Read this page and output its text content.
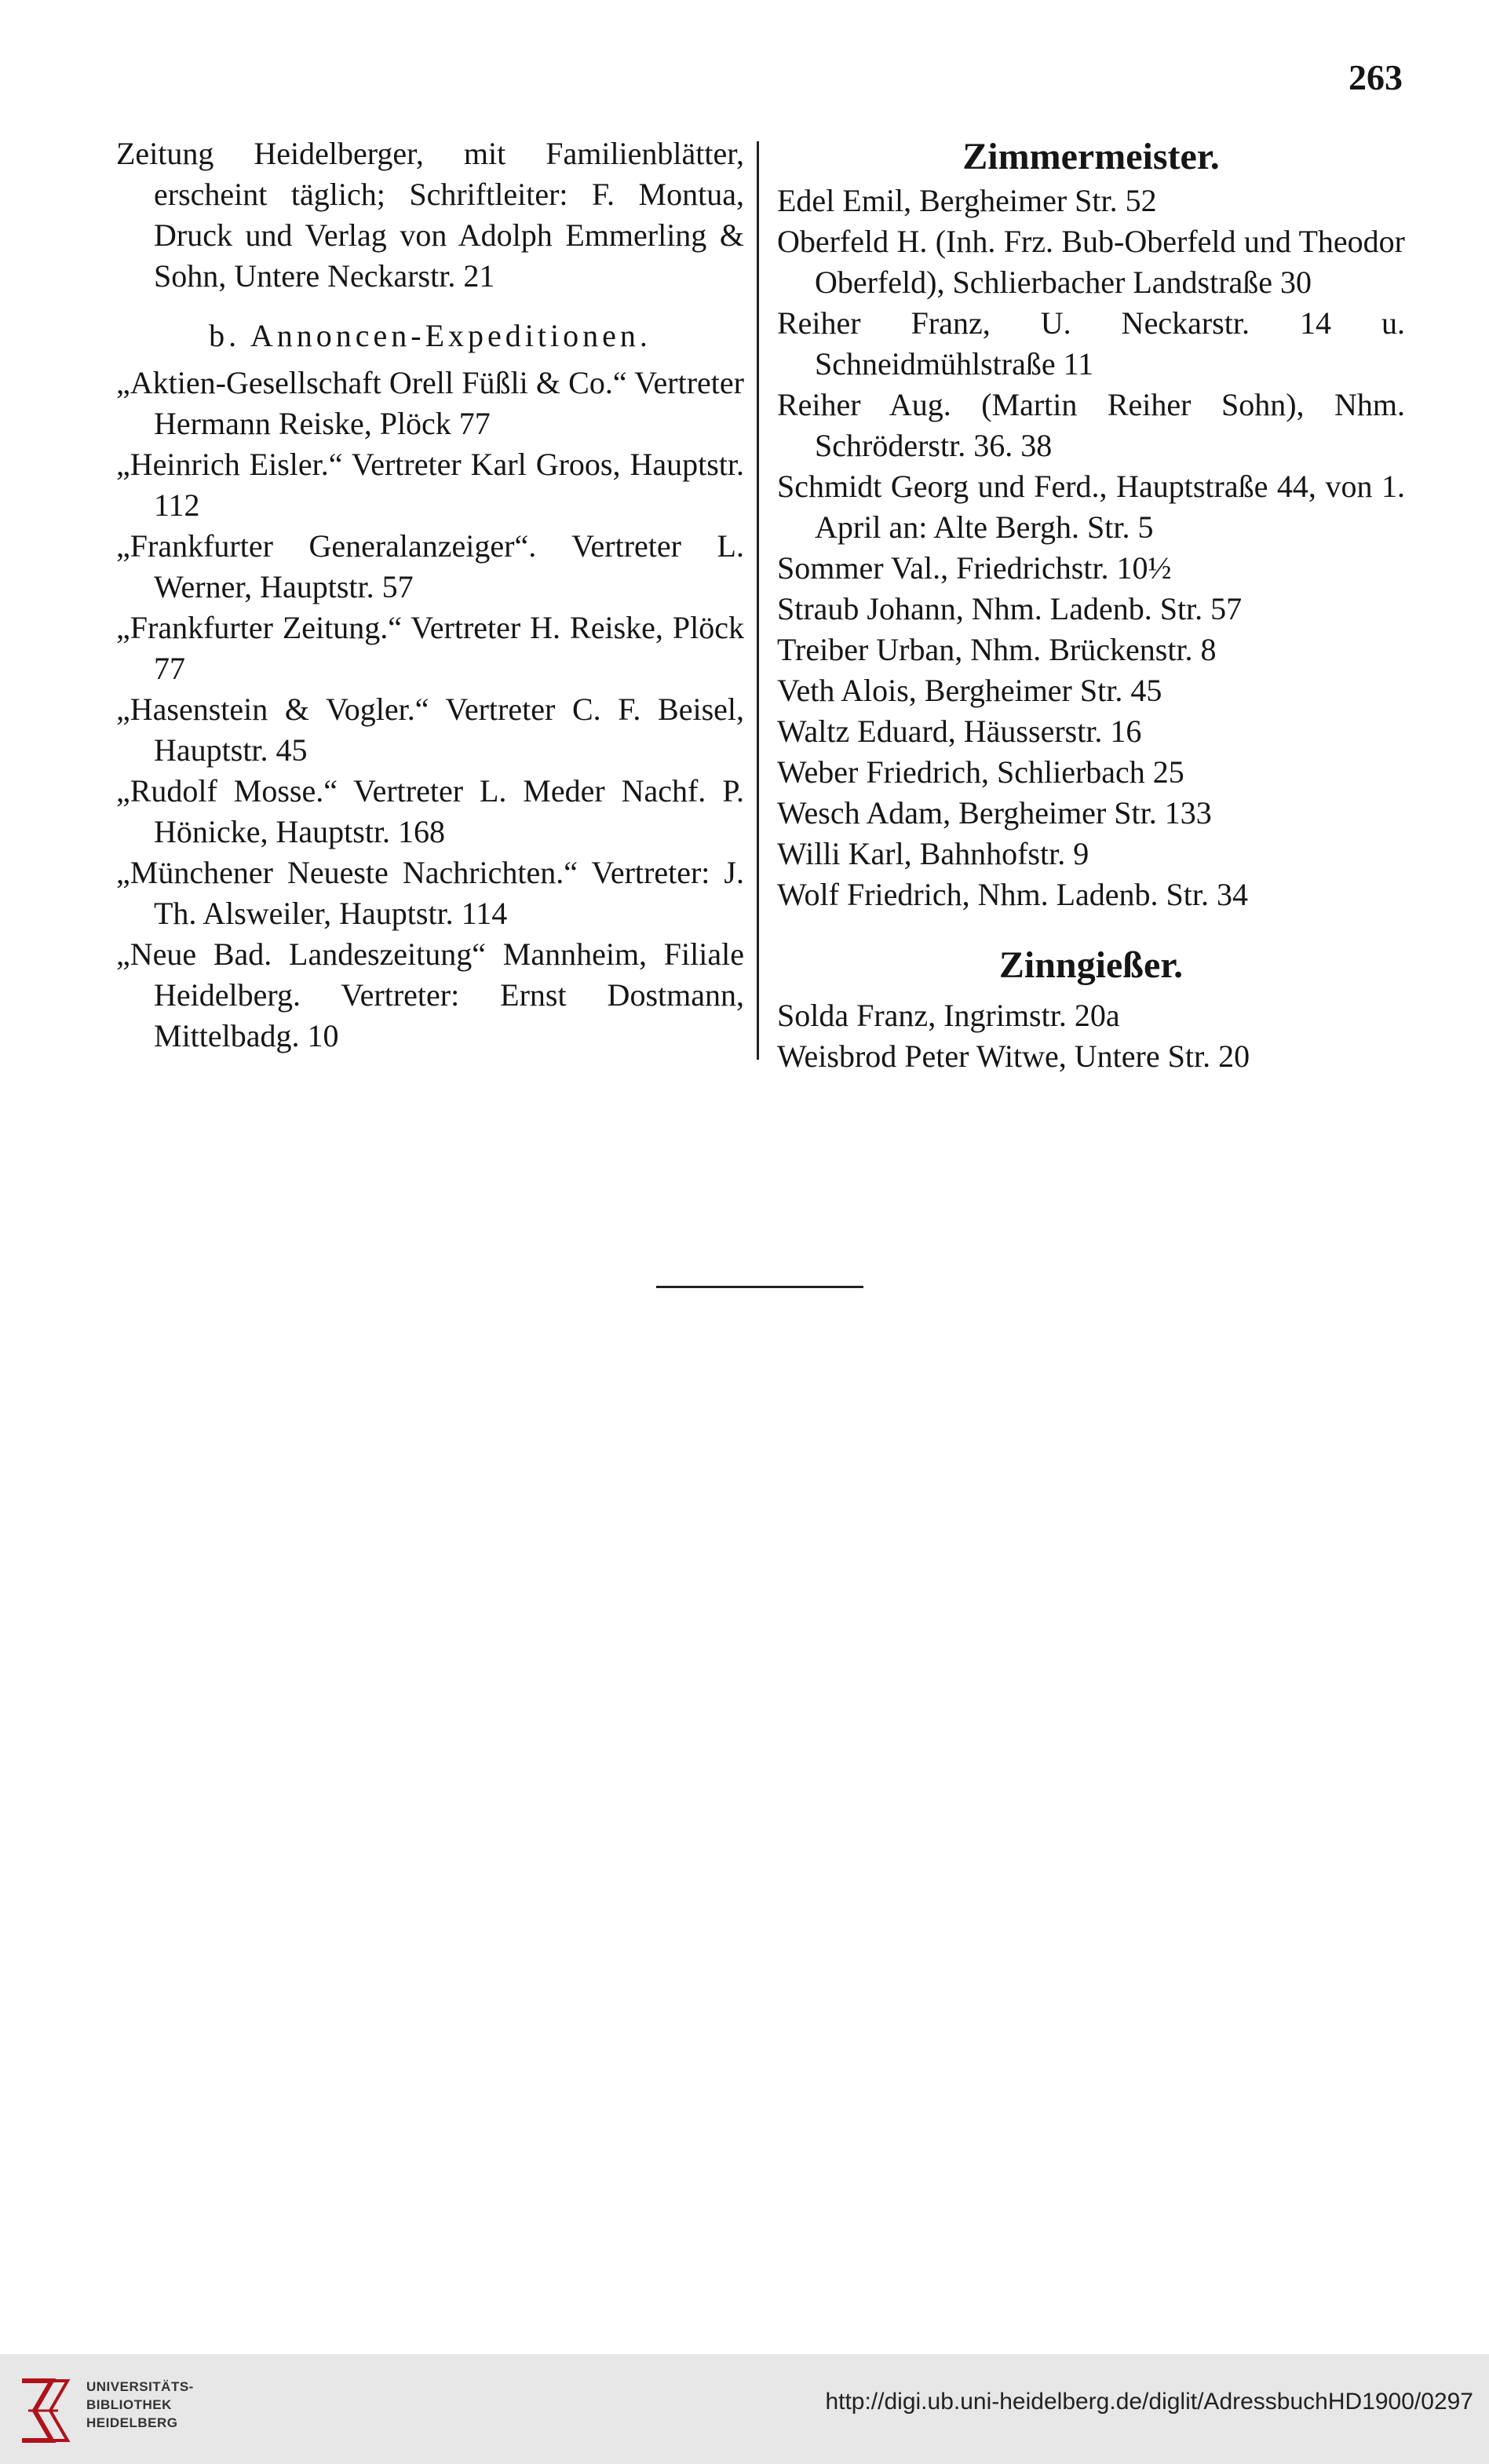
263
Zeitung Heidelberger, mit Familienblätter, erscheint täglich; Schriftleiter: F. Montua, Druck und Verlag von Adolph Emmerling & Sohn, Untere Neckarstr. 21
b. Annoncen-Expeditionen.
„Aktien-Gesellschaft Orell Füßli & Co.“ Vertreter Hermann Reiske, Plöck 77
„Heinrich Eisler.“ Vertreter Karl Groos, Hauptstr. 112
„Frankfurter Generalanzeiger“. Vertreter L. Werner, Hauptstr. 57
„Frankfurter Zeitung.“ Vertreter H. Reiske, Plöck 77
„Hasenstein & Vogler.“ Vertreter C. F. Beisel, Hauptstr. 45
„Rudolf Mosse.“ Vertreter L. Meder Nachf. P. Hönicke, Hauptstr. 168
„Münchener Neueste Nachrichten.“ Vertreter: J. Th. Alsweiler, Hauptstr. 114
„Neue Bad. Landeszeitung“ Mannheim, Filiale Heidelberg. Vertreter: Ernst Dostmann, Mittelbadg. 10
Zimmermeister.
Edel Emil, Bergheimer Str. 52
Oberfeld H. (Inh. Frz. Bub-Oberfeld und Theodor Oberfeld), Schlierbacher Landstraße 30
Reiher Franz, U. Neckarstr. 14 u. Schneidmühlstraße 11
Reiher Aug. (Martin Reiher Sohn), Nhm. Schröderstr. 36. 38
Schmidt Georg und Ferd., Hauptstraße 44, von 1. April an: Alte Bergh. Str. 5
Sommer Val., Friedrichstr. 10½
Straub Johann, Nhm. Ladenb. Str. 57
Treiber Urban, Nhm. Brückenstr. 8
Veth Alois, Bergheimer Str. 45
Waltz Eduard, Häusserstr. 16
Weber Friedrich, Schlierbach 25
Wesch Adam, Bergheimer Str. 133
Willi Karl, Bahnhofstr. 9
Wolf Friedrich, Nhm. Ladenb. Str. 34
Zinngießer.
Solda Franz, Ingrimstr. 20a
Weisbrod Peter Witwe, Untere Str. 20
UNIVERSITÄTS-
BIBLIOTHEK
HEIDELBERG
http://digi.ub.uni-heidelberg.de/diglit/AdressbuchHD1900/0297
